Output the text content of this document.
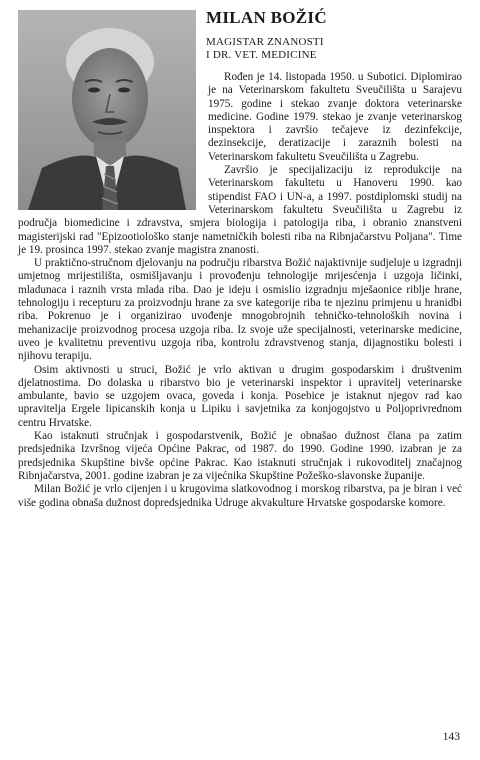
MILAN BOŽIĆ

MAGISTAR ZNANOSTI

I DR. VET. MEDICINE

Rođen je 14. listopada 1950. u Subotici. Diplomirao je na Veterinarskom fakultetu Sveučilišta u Sarajevu 1975. godine i stekao zvanje doktora veterinarske medicine. Godine 1979. stekao je zvanje veterinarskog inspektora i završio tečajeve iz dezinfekcije, dezinsekcije, deratizacije i zaraznih bolesti na Veterinarskom fakultetu Sveučilišta u Zagrebu.

Završio je specijalizaciju iz reprodukcije na Veterinarskom fakultetu u Hanoveru 1990. kao stipendist FAO i UN-a, a 1997. postdiplomski studij na Veterinarskom fakultetu Sveučilišta u Zagrebu iz područja biomedicine i zdravstva, smjera biologija i patologija riba, i obranio znanstveni magisterijski rad "Epizootiološko stanje nametničkih bolesti riba na Ribnjačarstvu Poljana". Time je 19. prosinca 1997. stekao zvanje magistra znanosti.

U praktično-stručnom djelovanju na području ribarstva Božić najaktivnije sudjeluje u izgradnji umjetnog mrijestilišta, osmišljavanju i provođenju tehnologije mrijesćenja i uzgoja ličinki, mladunaca i raznih vrsta mlada riba. Dao je ideju i osmislio izgradnju mješaonice riblje hrane, tehnologiju i recepturu za proizvodnju hrane za sve kategorije riba te njezinu primjenu u hranidbi riba. Pokrenuo je i organizirao uvođenje mnogobrojnih tehničko-tehnoloških novina i mehanizacije proizvodnog procesa uzgoja riba. Iz svoje uže specijalnosti, veterinarske medicine, uveo je kvalitetnu preventivu uzgoja riba, kontrolu zdravstvenog stanja, dijagnostiku bolesti i njihovu terapiju.

Osim aktivnosti u struci, Božić je vrlo aktivan u drugim gospodarskim i društvenim djelatnostima. Do dolaska u ribarstvo bio je veterinarski inspektor i upravitelj veterinarske ambulante, bavio se uzgojem ovaca, goveda i konja. Posebice je istaknut njegov rad kao upravitelja Ergele lipicanskih konja u Lipiku i savjetnika za konjogojstvo u Poljoprivrednom centru Hrvatske.

Kao istaknuti stručnjak i gospodarstvenik, Božić je obnašao dužnost člana pa zatim predsjednika Izvršnog vijeća Općine Pakrac, od 1987. do 1990. Godine 1990. izabran je za predsjednika Skupštine bivše općine Pakrac. Kao istaknuti stručnjak i rukovoditelj značajnog Ribnjačarstva, 2001. godine izabran je za vijećnika Skupštine Požeško-slavonske županije.

Milan Božić je vrlo cijenjen i u krugovima slatkovodnog i morskog ribarstva, pa je biran i već više godina obnaša dužnost dopredsjednika Udruge akvakulture Hrvatske gospodarske komore.

143
